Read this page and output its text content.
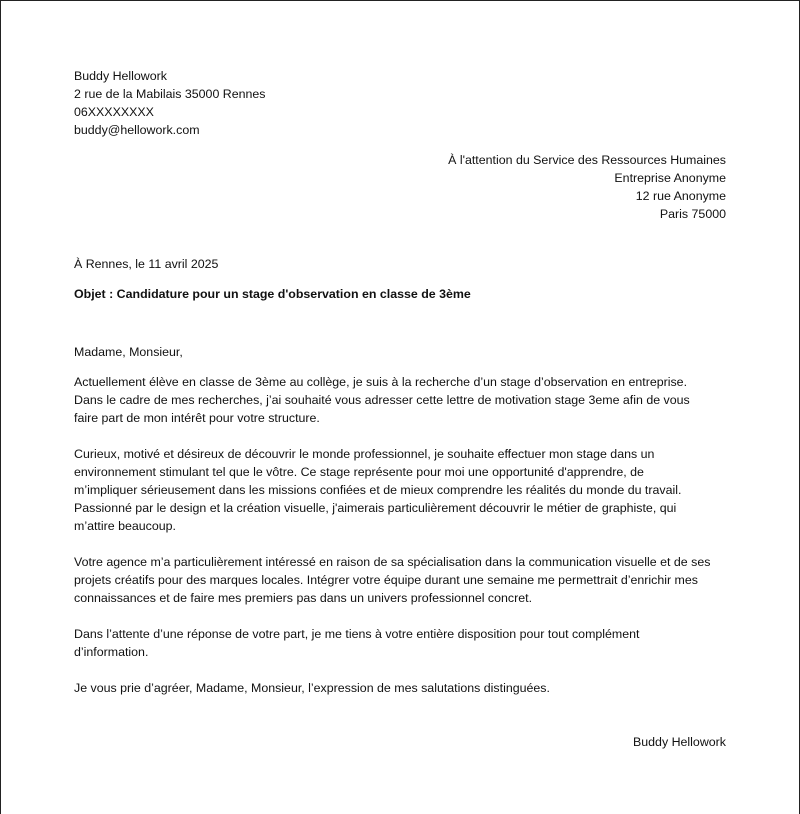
Buddy Hellowork
2 rue de la Mabilais 35000 Rennes
06XXXXXXXX
buddy@hellowork.com
À l'attention du Service des Ressources Humaines
Entreprise Anonyme
12 rue Anonyme
Paris 75000
À Rennes, le 11 avril 2025
Objet : Candidature pour un stage d'observation en classe de 3ème
Madame, Monsieur,

Actuellement élève en classe de 3ème au collège, je suis à la recherche d’un stage d’observation en entreprise.
Dans le cadre de mes recherches, j’ai souhaité vous adresser cette lettre de motivation stage 3eme afin de vous
faire part de mon intérêt pour votre structure.

Curieux, motivé et désireux de découvrir le monde professionnel, je souhaite effectuer mon stage dans un
environnement stimulant tel que le vôtre. Ce stage représente pour moi une opportunité d'apprendre, de
m’impliquer sérieusement dans les missions confiées et de mieux comprendre les réalités du monde du travail.
Passionné par le design et la création visuelle, j'aimerais particulièrement découvrir le métier de graphiste, qui
m’attire beaucoup.

Votre agence m’a particulièrement intéressé en raison de sa spécialisation dans la communication visuelle et de ses
projets créatifs pour des marques locales. Intégrer votre équipe durant une semaine me permettrait d’enrichir mes
connaissances et de faire mes premiers pas dans un univers professionnel concret.

Dans l’attente d’une réponse de votre part, je me tiens à votre entière disposition pour tout complément
d’information.

Je vous prie d’agréer, Madame, Monsieur, l’expression de mes salutations distinguées.

Buddy Hellowork
